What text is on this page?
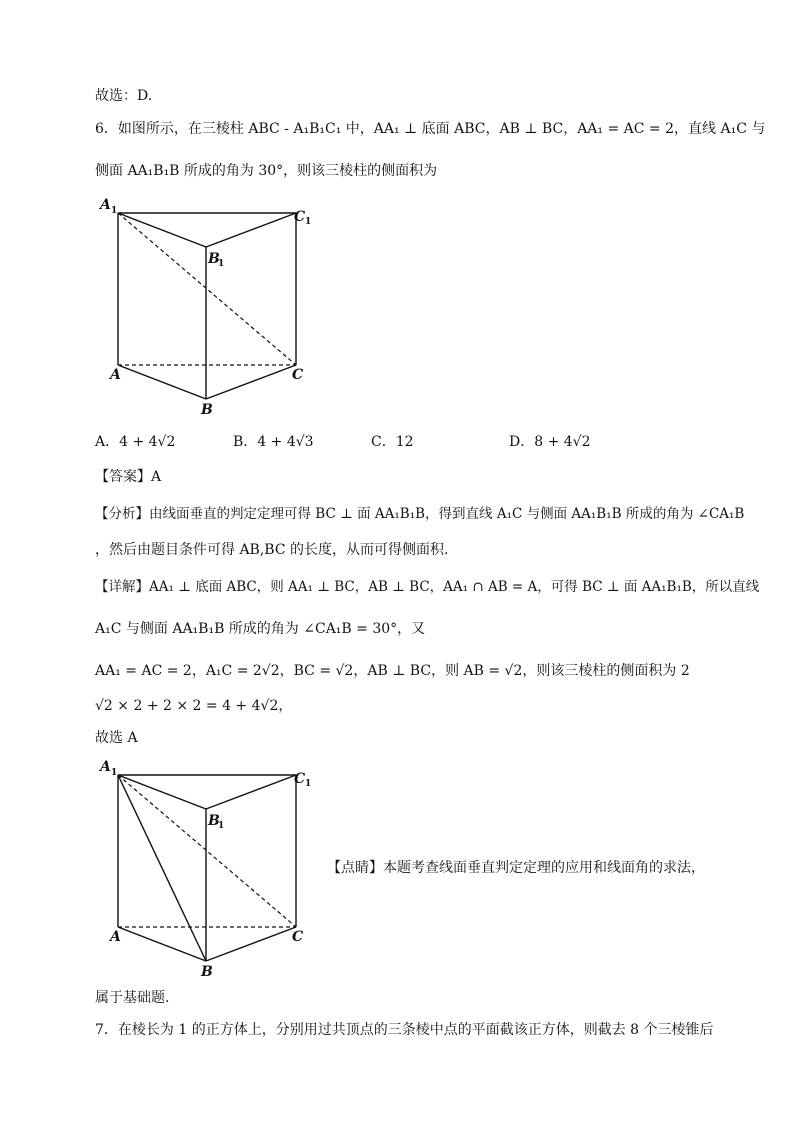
故选：D.
6．如图所示，在三棱柱 ABC - A₁B₁C₁ 中，AA₁ ⊥ 底面 ABC，AB ⊥ BC，AA₁ = AC = 2，直线 A₁C 与
侧面 AA₁B₁B 所成的角为 30°，则该三棱柱的侧面积为
A 1	C 1
B
1
A	C
B
A．4 + 4√2	B．4 + 4√3	C．12	D．8 + 4√2
【答案】A
【分析】由线面垂直的判定定理可得 BC ⊥ 面 AA₁B₁B，得到直线 A₁C 与侧面 AA₁B₁B 所成的角为 ∠CA₁B
，然后由题目条件可得 AB,BC 的长度，从而可得侧面积.
【详解】AA₁ ⊥ 底面 ABC，则 AA₁ ⊥ BC，AB ⊥ BC，AA₁ ∩ AB = A，可得 BC ⊥ 面 AA₁B₁B，所以直线
A₁C 与侧面 AA₁B₁B 所成的角为 ∠CA₁B = 30°，又
AA₁ = AC = 2，A₁C = 2√2，BC = √2，AB ⊥ BC，则 AB = √2，则该三棱柱的侧面积为 2
√2 × 2 + 2 × 2 = 4 + 4√2，
故选 A
A 1	C 1
B
1
A	C
B
【点睛】本题考查线面垂直判定定理的应用和线面角的求法，
属于基础题.
7．在棱长为 1 的正方体上，分别用过共顶点的三条棱中点的平面截该正方体，则截去 8 个三棱锥后
